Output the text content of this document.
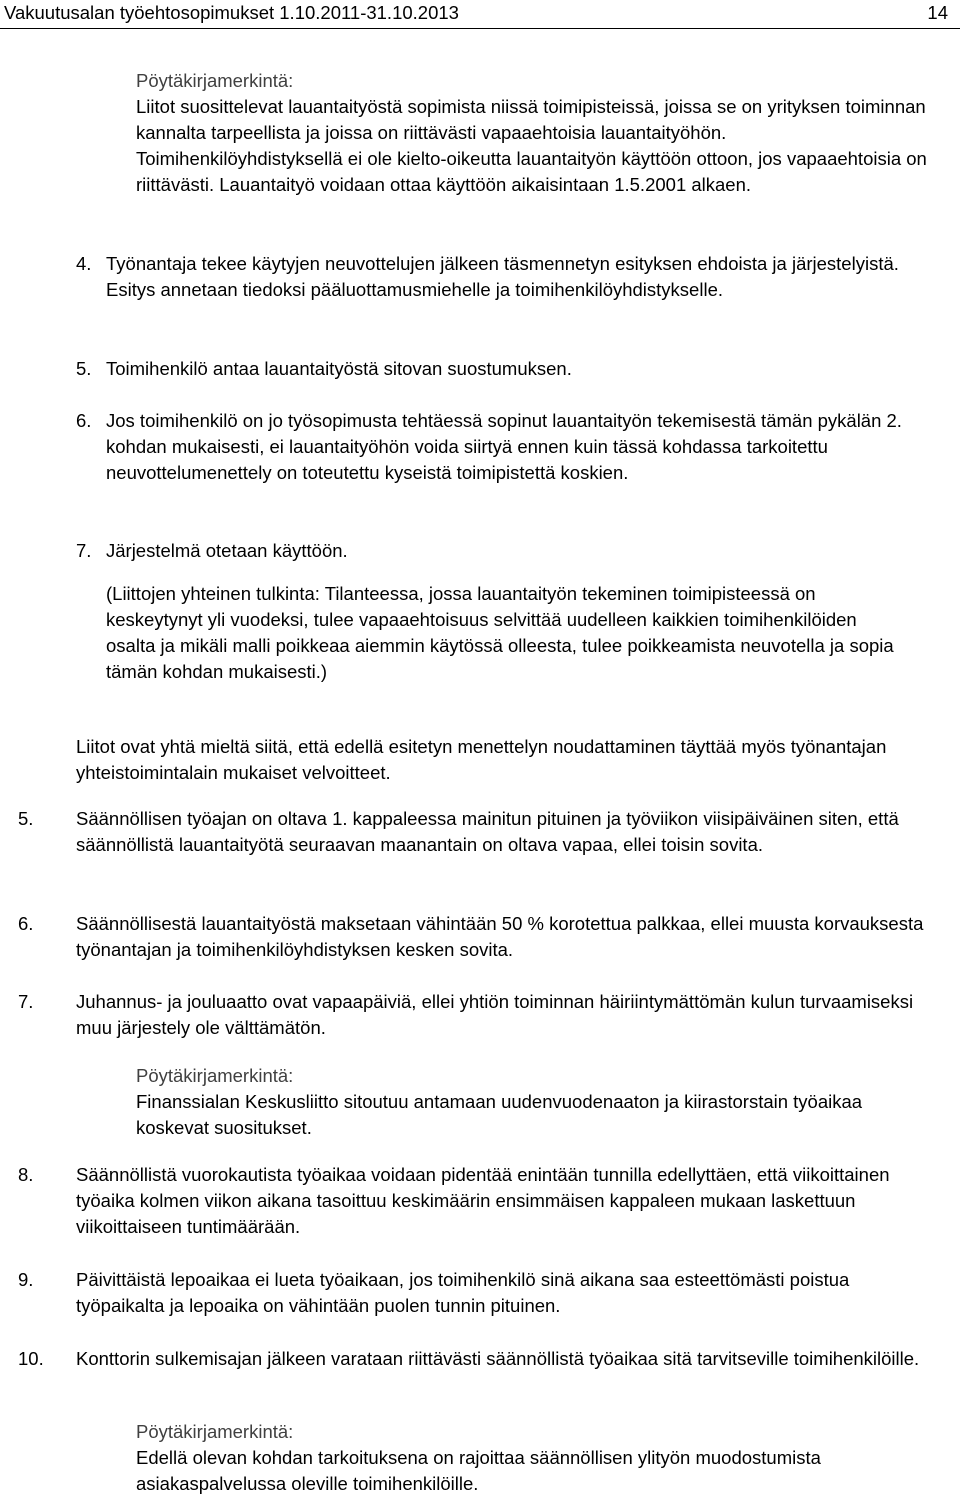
Vakuutusalan työehtosopimukset 1.10.2011-31.10.2013	14
Pöytäkirjamerkintä:
Liitot suosittelevat lauantaityöstä sopimista niissä toimipisteissä, joissa se on yrityksen toiminnan kannalta tarpeellista ja joissa on riittävästi vapaaehtoisia lauantaityöhön. Toimihenkilöyhdistyksellä ei ole kielto-oikeutta lauantaityön käyttöön ottoon, jos vapaaehtoisia on riittävästi. Lauantaityö voidaan ottaa käyttöön aikaisintaan 1.5.2001 alkaen.
4. Työnantaja tekee käytyjen neuvottelujen jälkeen täsmennetyn esityksen ehdoista ja järjestelyistä. Esitys annetaan tiedoksi pääluottamusmiehelle ja toimihenkilöyhdistykselle.
5. Toimihenkilö antaa lauantaityöstä sitovan suostumuksen.
6. Jos toimihenkilö on jo työsopimusta tehtäessä sopinut lauantaityön tekemisestä tämän pykälän 2. kohdan mukaisesti, ei lauantaityöhön voida siirtyä ennen kuin tässä kohdassa tarkoitettu neuvottelumenettely on toteutettu kyseistä toimipistettä koskien.
7. Järjestelmä otetaan käyttöön.
(Liittojen yhteinen tulkinta: Tilanteessa, jossa lauantaityön tekeminen toimipisteessä on keskeytynyt yli vuodeksi, tulee vapaaehtoisuus selvittää uudelleen kaikkien toimihenkilöiden osalta ja mikäli malli poikkeaa aiemmin käytössä olleesta, tulee poikkeamista neuvotella ja sopia tämän kohdan mukaisesti.)
Liitot ovat yhtä mieltä siitä, että edellä esitetyn menettelyn noudattaminen täyttää myös työnantajan yhteistoimintalain mukaiset velvoitteet.
5. Säännöllisen työajan on oltava 1. kappaleessa mainitun pituinen ja työviikon viisipäiväinen siten, että säännöllistä lauantaityötä seuraavan maanantain on oltava vapaa, ellei toisin sovita.
6. Säännöllisestä lauantaityöstä maksetaan vähintään 50 % korotettua palkkaa, ellei muusta korvauksesta työnantajan ja toimihenkilöyhdistyksen kesken sovita.
7. Juhannus- ja jouluaatto ovat vapaapäiviä, ellei yhtiön toiminnan häiriintymättömän kulun turvaamiseksi muu järjestely ole välttämätön.
Pöytäkirjamerkintä:
Finanssialan Keskusliitto sitoutuu antamaan uudenvuodenaaton ja kiirastorstain työaikaa koskevat suositukset.
8. Säännöllistä vuorokautista työaikaa voidaan pidentää enintään tunnilla edellyttäen, että viikoittainen työaika kolmen viikon aikana tasoittuu keskimäärin ensimmäisen kappaleen mukaan laskettuun viikoittaiseen tuntimäärään.
9. Päivittäistä lepoaikaa ei lueta työaikaan, jos toimihenkilö sinä aikana saa esteettömästi poistua työpaikalta ja lepoaika on vähintään puolen tunnin pituinen.
10. Konttorin sulkemisajan jälkeen varataan riittävästi säännöllistä työaikaa sitä tarvitseville toimihenkilöille.
Pöytäkirjamerkintä:
Edellä olevan kohdan tarkoituksena on rajoittaa säännöllisen ylityön muodostumista asiakaspalvelussa oleville toimihenkilöille.
